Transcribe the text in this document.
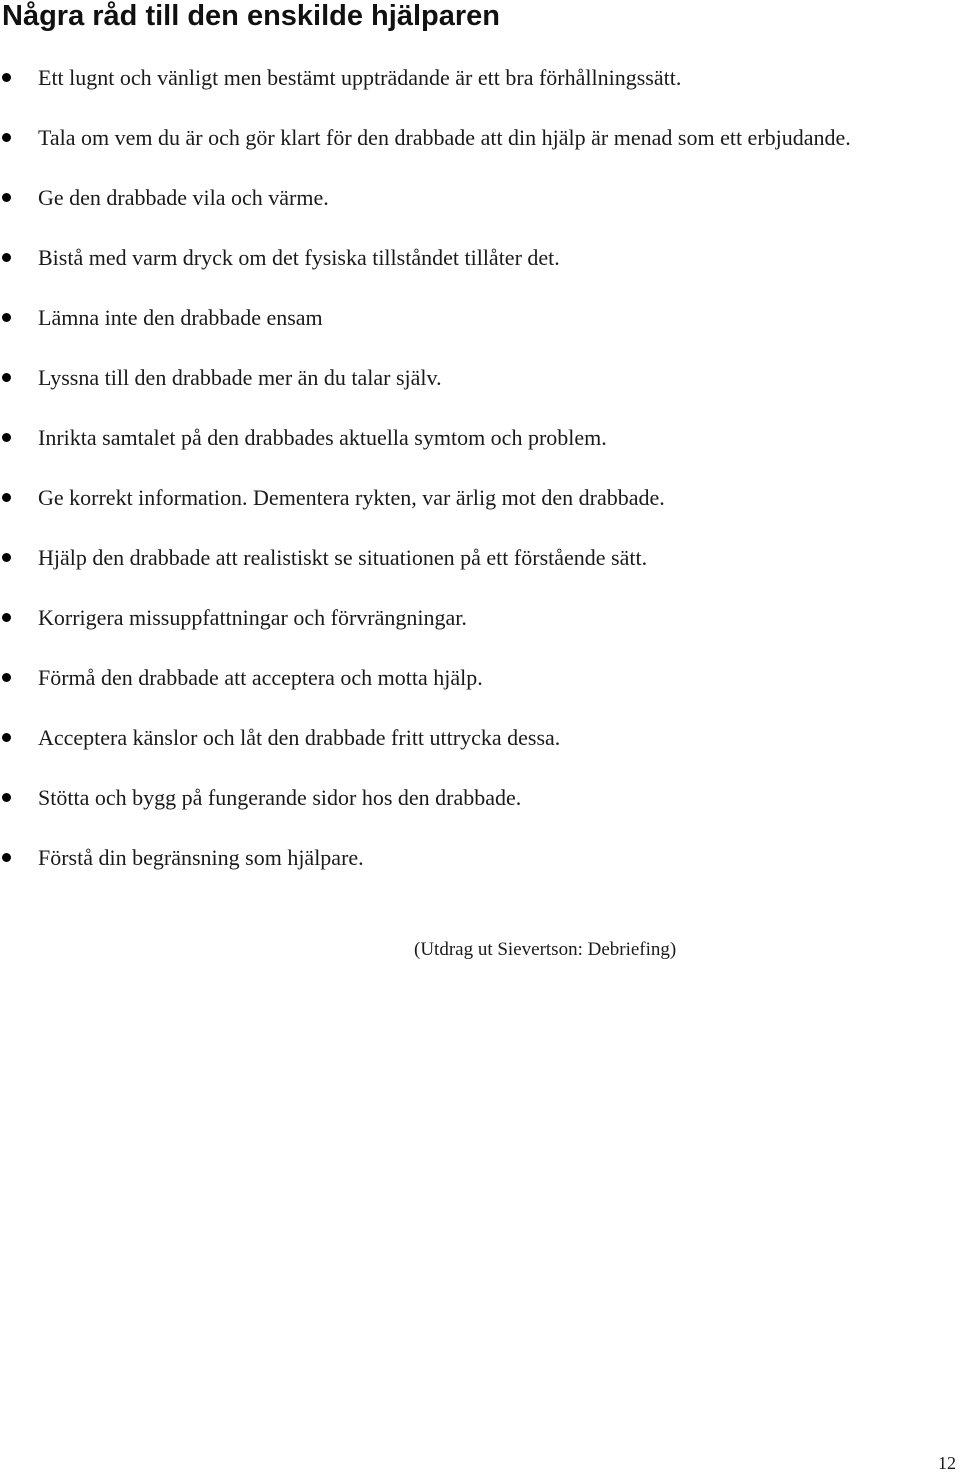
Några råd till den enskilde hjälparen
Ett lugnt och vänligt men bestämt uppträdande är ett bra förhållningssätt.
Tala om vem du är och gör klart för den drabbade att din hjälp är menad som ett erbjudande.
Ge den drabbade vila och värme.
Bistå med varm dryck om det fysiska tillståndet tillåter det.
Lämna inte den drabbade ensam
Lyssna till den drabbade mer än du talar själv.
Inrikta samtalet på den drabbades aktuella symtom och problem.
Ge korrekt information. Dementera rykten, var ärlig mot den drabbade.
Hjälp den drabbade att realistiskt se situationen på ett förstående sätt.
Korrigera missuppfattningar och förvrängningar.
Förmå den drabbade att acceptera och motta hjälp.
Acceptera känslor och låt den drabbade fritt uttrycka dessa.
Stötta och bygg på fungerande sidor hos den drabbade.
Förstå din begränsning som hjälpare.

(Utdrag ut Sievertson: Debriefing)

12
